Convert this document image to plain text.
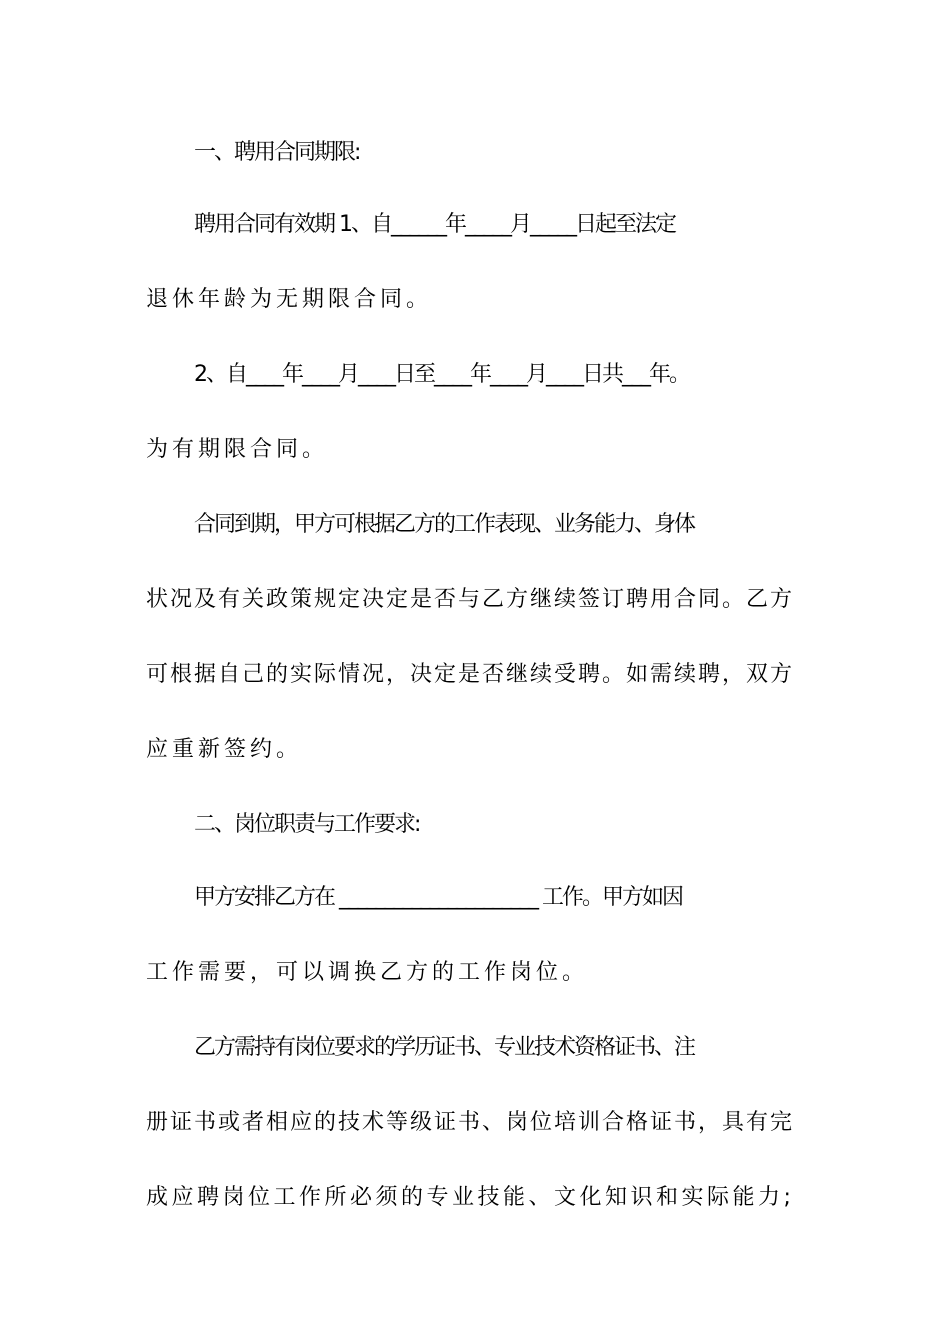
一、聘用合同期限:
聘用合同有效期 1、自______年_____月_____日起至法定
退休年龄为无期限合同。
2、自____年____月____日至____年____月____日共___年。
为有期限合同。
合同到期，甲方可根据乙方的工作表现、业务能力、身体
状况及有关政策规定决定是否与乙方继续签订聘用合同。乙方
可根据自己的实际情况，决定是否继续受聘。如需续聘，双方
应重新签约。
二、岗位职责与工作要求:
甲方安排乙方在 ______________________ 工作。甲方如因
工作需要，可以调换乙方的工作岗位。
乙方需持有岗位要求的学历证书、专业技术资格证书、注
册证书或者相应的技术等级证书、岗位培训合格证书，具有完
成应聘岗位工作所必须的专业技能、文化知识和实际能力;
